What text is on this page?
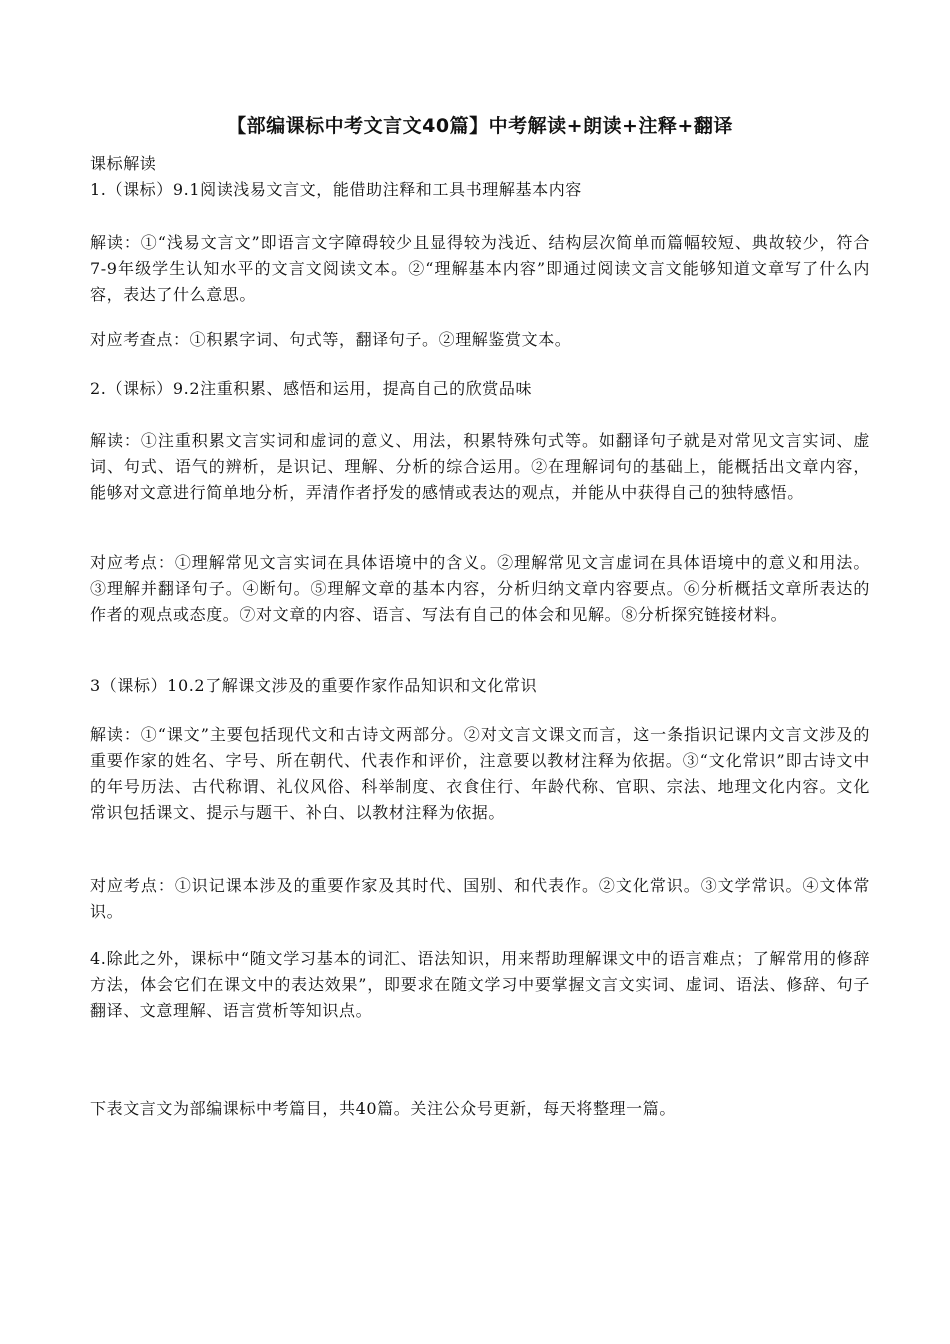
【部编课标中考文言文40篇】中考解读+朗读+注释+翻译
课标解读
1.（课标）9.1阅读浅易文言文，能借助注释和工具书理解基本内容
解读：①“浅易文言文”即语言文字障碍较少且显得较为浅近、结构层次简单而篇幅较短、典故较少，符合7-9年级学生认知水平的文言文阅读文本。②“理解基本内容”即通过阅读文言文能够知道文章写了什么内容，表达了什么意思。
对应考查点：①积累字词、句式等，翻译句子。②理解鉴赏文本。
2.（课标）9.2注重积累、感悟和运用，提高自己的欣赏品味
解读：①注重积累文言实词和虚词的意义、用法，积累特殊句式等。如翻译句子就是对常见文言实词、虚词、句式、语气的辨析，是识记、理解、分析的综合运用。②在理解词句的基础上，能概括出文章内容，能够对文意进行简单地分析，弄清作者抒发的感情或表达的观点，并能从中获得自己的独特感悟。
对应考点：①理解常见文言实词在具体语境中的含义。②理解常见文言虚词在具体语境中的意义和用法。③理解并翻译句子。④断句。⑤理解文章的基本内容，分析归纳文章内容要点。⑥分析概括文章所表达的作者的观点或态度。⑦对文章的内容、语言、写法有自己的体会和见解。⑧分析探究链接材料。
3（课标）10.2了解课文涉及的重要作家作品知识和文化常识
解读：①“课文”主要包括现代文和古诗文两部分。②对文言文课文而言，这一条指识记课内文言文涉及的重要作家的姓名、字号、所在朝代、代表作和评价，注意要以教材注释为依据。③“文化常识”即古诗文中的年号历法、古代称谓、礼仪风俗、科举制度、衣食住行、年龄代称、官职、宗法、地理文化内容。文化常识包括课文、提示与题干、补白、以教材注释为依据。
对应考点：①识记课本涉及的重要作家及其时代、国别、和代表作。②文化常识。③文学常识。④文体常识。
4.除此之外，课标中“随文学习基本的词汇、语法知识，用来帮助理解课文中的语言难点；了解常用的修辞方法，体会它们在课文中的表达效果”，即要求在随文学习中要掌握文言文实词、虚词、语法、修辞、句子翻译、文意理解、语言赏析等知识点。
下表文言文为部编课标中考篇目，共40篇。关注公众号更新，每天将整理一篇。
